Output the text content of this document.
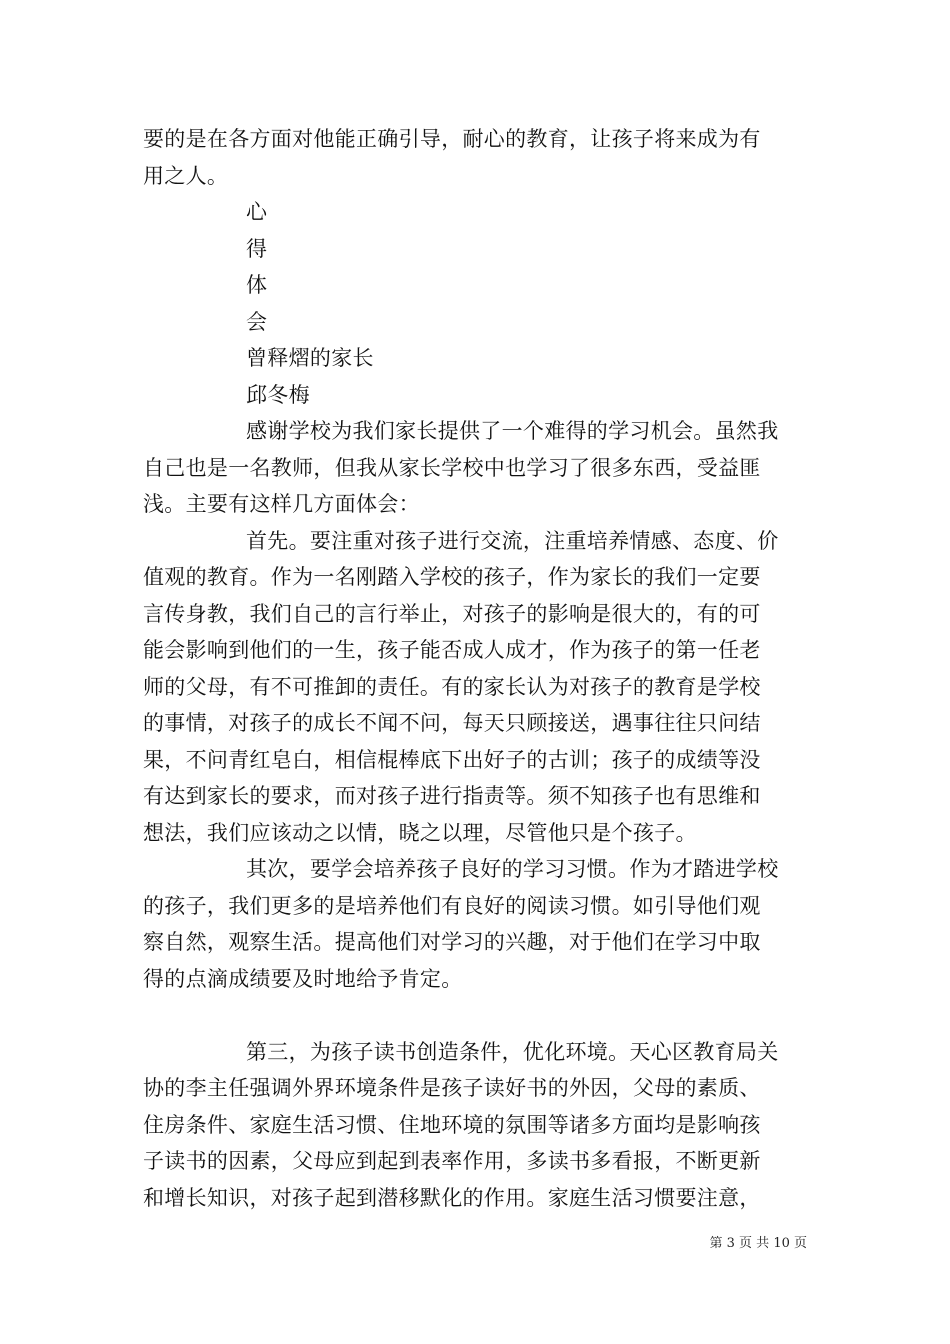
要的是在各方面对他能正确引导，耐心的教育，让孩子将来成为有
用之人。
心
得
体
会
曾释熠的家长
邱冬梅
感谢学校为我们家长提供了一个难得的学习机会。虽然我
自己也是一名教师，但我从家长学校中也学习了很多东西，受益匪
浅。主要有这样几方面体会：
首先。要注重对孩子进行交流，注重培养情感、态度、价
值观的教育。作为一名刚踏入学校的孩子，作为家长的我们一定要
言传身教，我们自己的言行举止，对孩子的影响是很大的，有的可
能会影响到他们的一生，孩子能否成人成才，作为孩子的第一任老
师的父母，有不可推卸的责任。有的家长认为对孩子的教育是学校
的事情，对孩子的成长不闻不问，每天只顾接送，遇事往往只问结
果，不问青红皂白，相信棍棒底下出好子的古训；孩子的成绩等没
有达到家长的要求，而对孩子进行指责等。须不知孩子也有思维和
想法，我们应该动之以情，晓之以理，尽管他只是个孩子。
其次，要学会培养孩子良好的学习习惯。作为才踏进学校
的孩子，我们更多的是培养他们有良好的阅读习惯。如引导他们观
察自然，观察生活。提高他们对学习的兴趣，对于他们在学习中取
得的点滴成绩要及时地给予肯定。
第三，为孩子读书创造条件，优化环境。天心区教育局关
协的李主任强调外界环境条件是孩子读好书的外因，父母的素质、
住房条件、家庭生活习惯、住地环境的氛围等诸多方面均是影响孩
子读书的因素，父母应到起到表率作用，多读书多看报，不断更新
和增长知识，对孩子起到潜移默化的作用。家庭生活习惯要注意，
第 3 页 共 10 页
